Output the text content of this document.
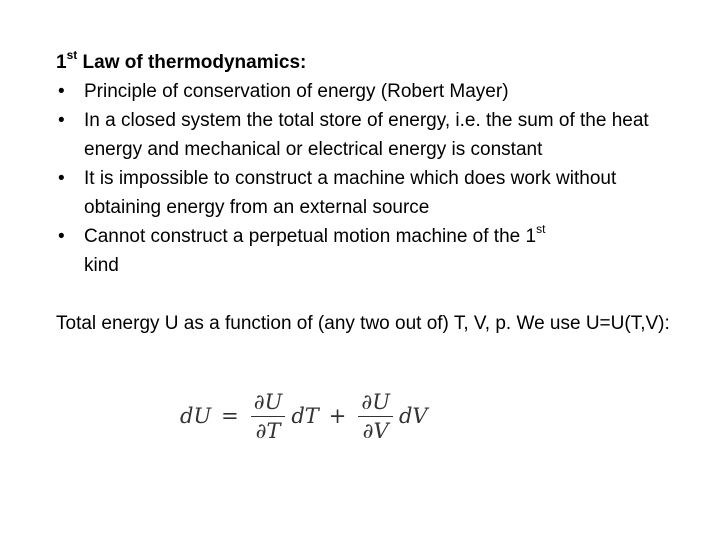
1st Law of thermodynamics:
• Principle of conservation of energy (Robert Mayer)
• In a closed system the total store of energy, i.e. the sum of the heat energy and mechanical or electrical energy is constant
• It is impossible to construct a machine which does work without obtaining energy from an external source
• Cannot construct a perpetual motion machine of the 1st
kind
Total energy U as a function of (any two out of) T, V, p. We use U=U(T,V):
dU = $\frac{\partial U}{\partial T}$ dT + $\frac{\partial U}{\partial V}$ dV
